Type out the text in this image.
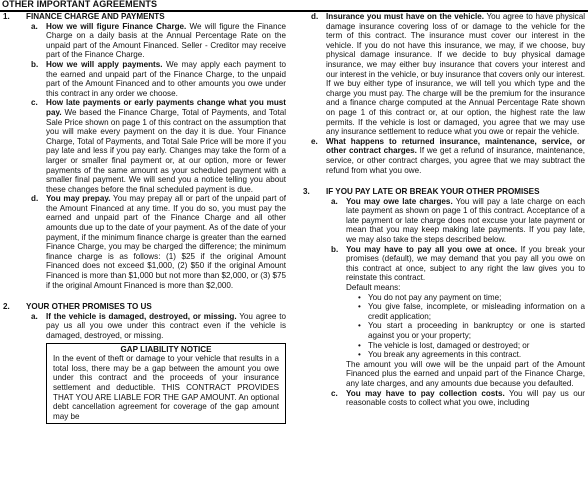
OTHER IMPORTANT AGREEMENTS
1. FINANCE CHARGE AND PAYMENTS
a. How we will figure Finance Charge. We will figure the Finance Charge on a daily basis at the Annual Percentage Rate on the unpaid part of the Amount Financed. Seller - Creditor may receive part of the Finance Charge.
b. How we will apply payments. We may apply each payment to the earned and unpaid part of the Finance Charge, to the unpaid part of the Amount Financed and to other amounts you owe under this contract in any order we choose.
c. How late payments or early payments change what you must pay. We based the Finance Charge, Total of Payments, and Total Sale Price shown on page 1 of this contract on the assumption that you will make every payment on the day it is due. Your Finance Charge, Total of Payments, and Total Sale Price will be more if you pay late and less if you pay early. Changes may take the form of a larger or smaller final payment or, at our option, more or fewer payments of the same amount as your scheduled payment with a smaller final payment. We will send you a notice telling you about these changes before the final scheduled payment is due.
d. You may prepay. You may prepay all or part of the unpaid part of the Amount Financed at any time. If you do so, you must pay the earned and unpaid part of the Finance Charge and all other amounts due up to the date of your payment. As of the date of your payment, if the minimum finance charge is greater than the earned Finance Charge, you may be charged the difference; the minimum finance charge is as follows: (1) $25 if the original Amount Financed does not exceed $1,000, (2) $50 if the original Amount Financed is more than $1,000 but not more than $2,000, or (3) $75 if the original Amount Financed is more than $2,000.
2. YOUR OTHER PROMISES TO US
a. If the vehicle is damaged, destroyed, or missing. You agree to pay us all you owe under this contract even if the vehicle is damaged, destroyed, or missing.
GAP LIABILITY NOTICE
In the event of theft or damage to your vehicle that results in a total loss, there may be a gap between the amount you owe under this contract and the proceeds of your insurance settlement and deductible. THIS CONTRACT PROVIDES THAT YOU ARE LIABLE FOR THE GAP AMOUNT. An optional debt cancellation agreement for coverage of the gap amount may be
d. Insurance you must have on the vehicle. You agree to have physical damage insurance covering loss of or damage to the vehicle for the term of this contract. The insurance must cover our interest in the vehicle. If you do not have this insurance, we may, if we choose, buy physical damage insurance. If we decide to buy physical damage insurance, we may either buy insurance that covers your interest and our interest in the vehicle, or buy insurance that covers only our interest. If we buy either type of insurance, we will tell you which type and the charge you must pay. The charge will be the premium for the insurance and a finance charge computed at the Annual Percentage Rate shown on page 1 of this contract or, at our option, the highest rate the law permits. If the vehicle is lost or damaged, you agree that we may use any insurance settlement to reduce what you owe or repair the vehicle.
e. What happens to returned insurance, maintenance, service, or other contract charges. If we get a refund of insurance, maintenance, service, or other contract charges, you agree that we may subtract the refund from what you owe.
3. IF YOU PAY LATE OR BREAK YOUR OTHER PROMISES
a. You may owe late charges. You will pay a late charge on each late payment as shown on page 1 of this contract. Acceptance of a late payment or late charge does not excuse your late payment or mean that you may keep making late payments. If you pay late, we may also take the steps described below.
b. You may have to pay all you owe at once. If you break your promises (default), we may demand that you pay all you owe on this contract at once, subject to any right the law gives you to reinstate this contract.
Default means:
• You do not pay any payment on time;
• You give false, incomplete, or misleading information on a credit application;
• You start a proceeding in bankruptcy or one is started against you or your property;
• The vehicle is lost, damaged or destroyed; or
• You break any agreements in this contract.
The amount you will owe will be the unpaid part of the Amount Financed plus the earned and unpaid part of the Finance Charge, any late charges, and any amounts due because you defaulted.
c. You may have to pay collection costs. You will pay us our reasonable costs to collect what you owe, including
